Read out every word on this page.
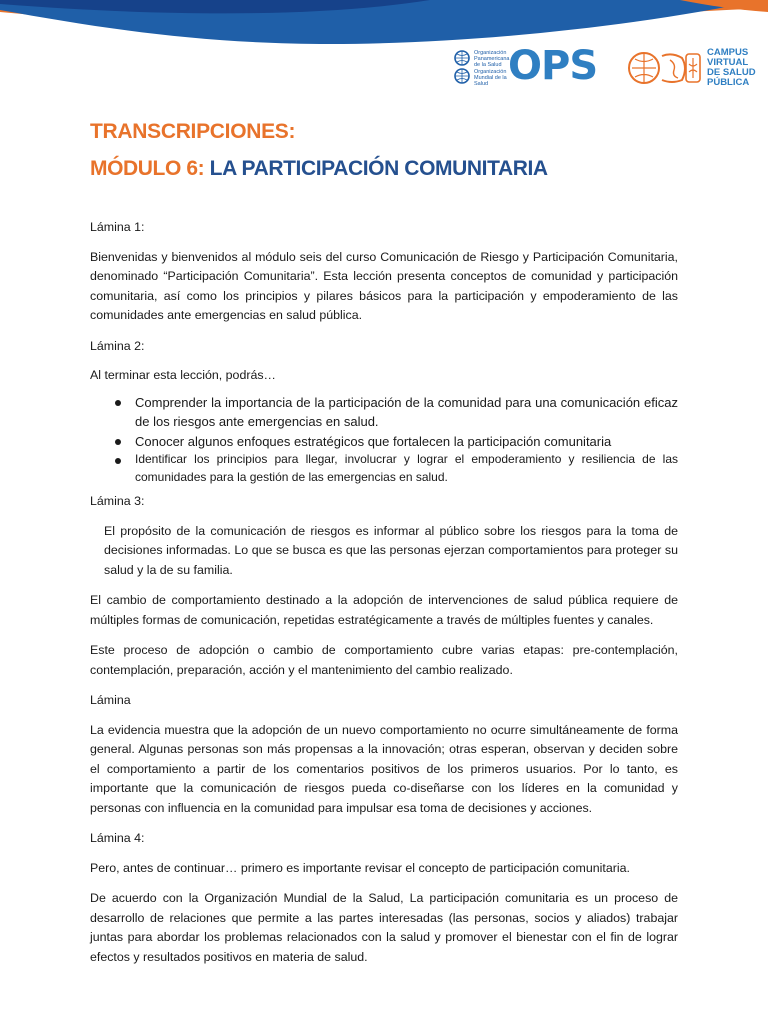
Organización Panamericana de la Salud
Organización Mundial de la Salud OPS	CAMPUS
VIRTUAL
DE SALUD
PÚBLICA
TRANSCRIPCIONES:
MÓDULO 6: LA PARTICIPACIÓN COMUNITARIA

Lámina 1:

Bienvenidas y bienvenidos al módulo seis del curso Comunicación de Riesgo y Participación Comunitaria, denominado “Participación Comunitaria”. Esta lección presenta conceptos de comunidad y participación comunitaria, así como los principios y pilares básicos para la participación y empoderamiento de las comunidades ante emergencias en salud pública.

Lámina 2:

Al terminar esta lección, podrás…

Comprender la importancia de la participación de la comunidad para una comunicación eficaz de los riesgos ante emergencias en salud.
Conocer algunos enfoques estratégicos que fortalecen la participación comunitaria
Identificar los principios para llegar, involucrar y lograr el empoderamiento y resiliencia de las comunidades para la gestión de las emergencias en salud.

Lámina 3:

El propósito de la comunicación de riesgos es informar al público sobre los riesgos para la toma de decisiones informadas. Lo que se busca es que las personas ejerzan comportamientos para proteger su salud y la de su familia.

El cambio de comportamiento destinado a la adopción de intervenciones de salud pública requiere de múltiples formas de comunicación, repetidas estratégicamente a través de múltiples fuentes y canales.

Este proceso de adopción o cambio de comportamiento cubre varias etapas: pre-contemplación, contemplación, preparación, acción y el mantenimiento del cambio realizado.

Lámina

La evidencia muestra que la adopción de un nuevo comportamiento no ocurre simultáneamente de forma general. Algunas personas son más propensas a la innovación; otras esperan, observan y deciden sobre el comportamiento a partir de los comentarios positivos de los primeros usuarios. Por lo tanto, es importante que la comunicación de riesgos pueda co-diseñarse con los líderes en la comunidad y personas con influencia en la comunidad para impulsar esa toma de decisiones y acciones.

Lámina 4:

Pero, antes de continuar… primero es importante revisar el concepto de participación comunitaria.

De acuerdo con la Organización Mundial de la Salud, La participación comunitaria es un proceso de desarrollo de relaciones que permite a las partes interesadas (las personas, socios y aliados) trabajar juntas para abordar los problemas relacionados con la salud y promover el bienestar con el fin de lograr efectos y resultados positivos en materia de salud.
